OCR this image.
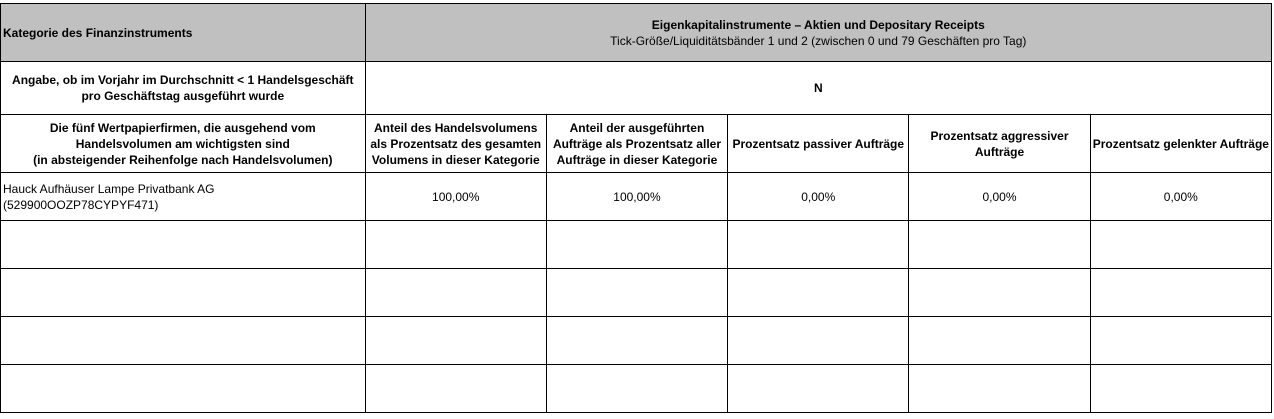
Kategorie des Finanzinstruments	Eigenkapitalinstrumente – Aktien und Depositary Receipts
Tick-Größe/Liquiditätsbänder 1 und 2 (zwischen 0 und 79 Geschäften pro Tag)				

Angabe, ob im Vorjahr im Durchschnitt < 1 Handelsgeschäft
pro Geschäftstag ausgeführt wurde	N				

Die fünf Wertpapierfirmen, die ausgehend vom
Handelsvolumen am wichtigsten sind
(in absteigender Reihenfolge nach Handelsvolumen)	Anteil des Handelsvolumens
als Prozentsatz des gesamten
Volumens in dieser Kategorie	Anteil der ausgeführten
Aufträge als Prozentsatz aller
Aufträge in dieser Kategorie	Prozentsatz passiver Aufträge	Prozentsatz aggressiver
Aufträge	Prozentsatz gelenkter Aufträge

Hauck Aufhäuser Lampe Privatbank AG
(529900OOZP78CYPYF471)	100,00%	100,00%	0,00%	0,00%	0,00%
